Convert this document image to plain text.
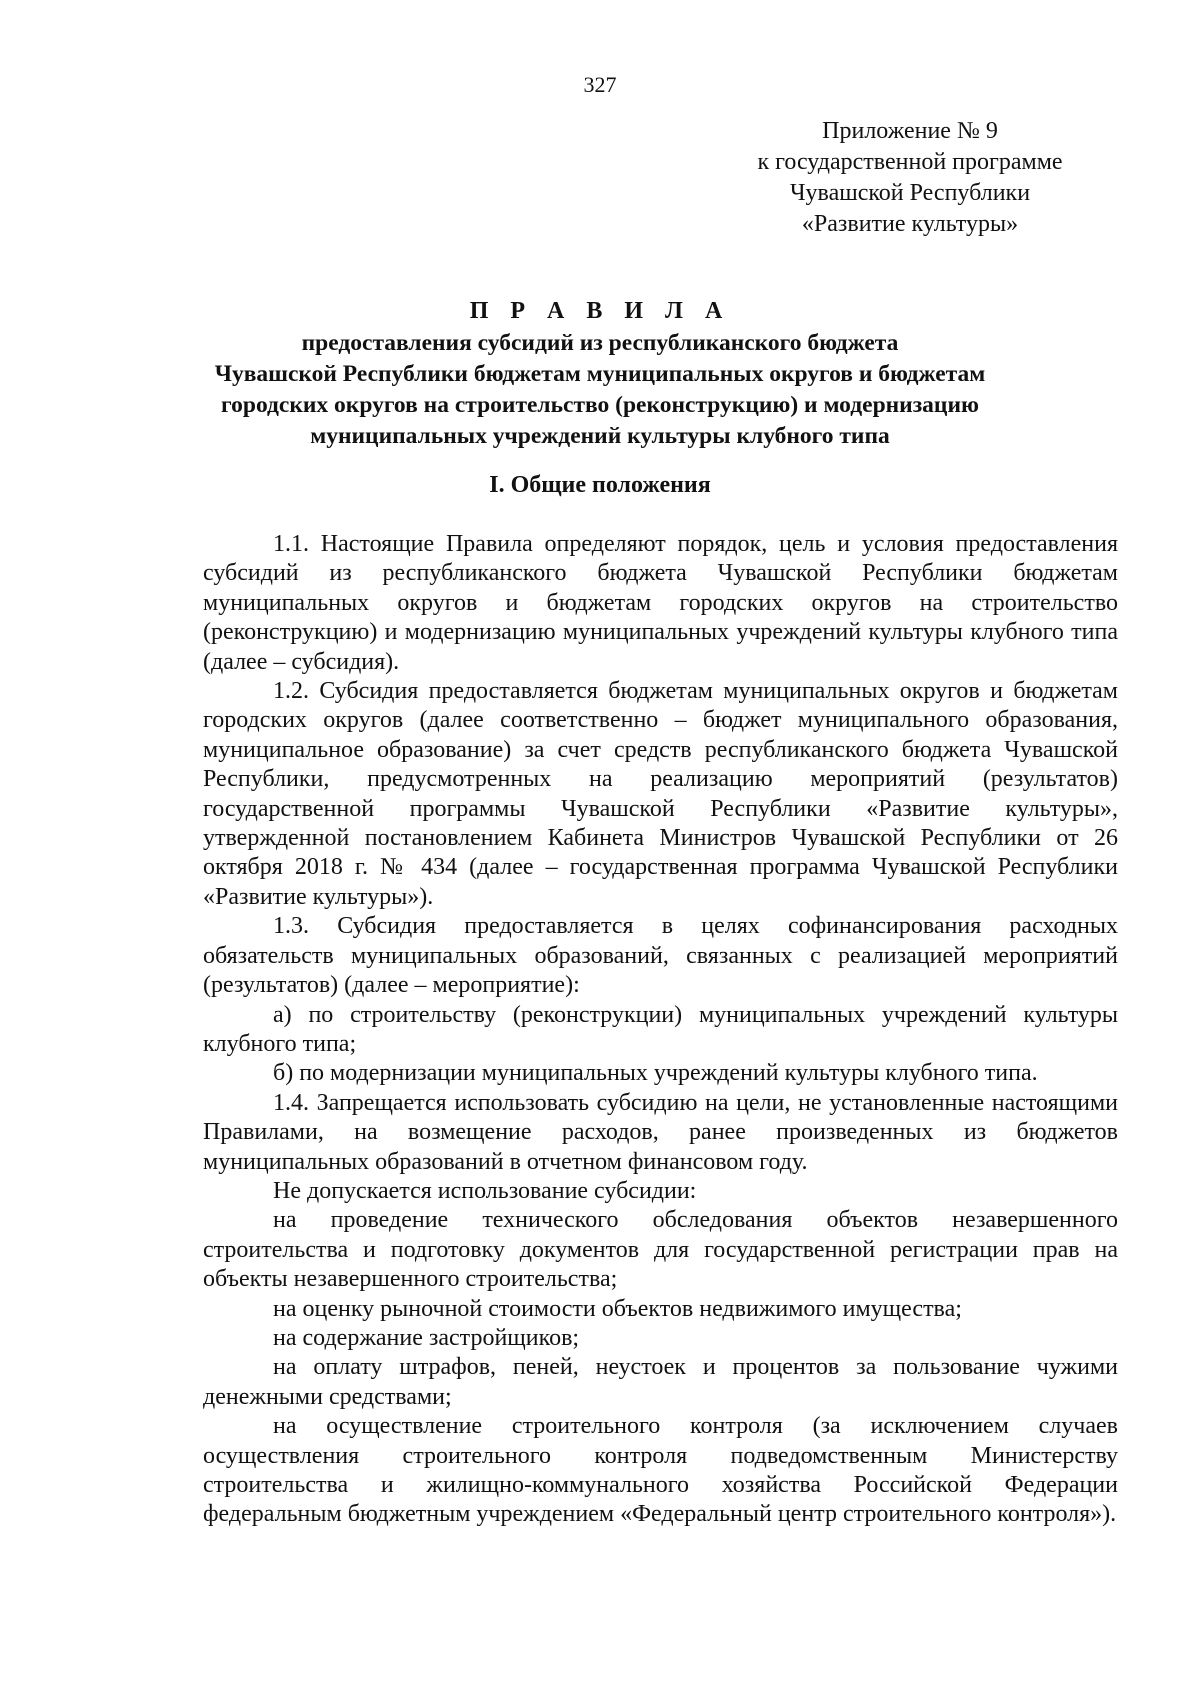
327
Приложение № 9
к государственной программе
Чувашской Республики
«Развитие культуры»
П Р А В И Л А
предоставления субсидий из республиканского бюджета
Чувашской Республики бюджетам муниципальных округов и бюджетам
городских округов на строительство (реконструкцию) и модернизацию
муниципальных учреждений культуры клубного типа
I. Общие положения

1.1. Настоящие Правила определяют порядок, цель и условия предоставления субсидий из республиканского бюджета Чувашской Республики бюджетам муниципальных округов и бюджетам городских округов на строительство (реконструкцию) и модернизацию муниципальных учреждений культуры клубного типа (далее – субсидия).

1.2. Субсидия предоставляется бюджетам муниципальных округов и бюджетам городских округов (далее соответственно – бюджет муниципального образования, муниципальное образование) за счет средств республиканского бюджета Чувашской Республики, предусмотренных на реализацию мероприятий (результатов) государственной программы Чувашской Республики «Развитие культуры», утвержденной постановлением Кабинета Министров Чувашской Республики от 26 октября 2018 г. № 434 (далее – государственная программа Чувашской Республики «Развитие культуры»).

1.3. Субсидия предоставляется в целях софинансирования расходных обязательств муниципальных образований, связанных с реализацией мероприятий (результатов) (далее – мероприятие):

а) по строительству (реконструкции) муниципальных учреждений культуры клубного типа;

б) по модернизации муниципальных учреждений культуры клубного типа.

1.4. Запрещается использовать субсидию на цели, не установленные настоящими Правилами, на возмещение расходов, ранее произведенных из бюджетов муниципальных образований в отчетном финансовом году.

Не допускается использование субсидии:

на проведение технического обследования объектов незавершенного строительства и подготовку документов для государственной регистрации прав на объекты незавершенного строительства;

на оценку рыночной стоимости объектов недвижимого имущества;

на содержание застройщиков;

на оплату штрафов, пеней, неустоек и процентов за пользование чужими денежными средствами;

на осуществление строительного контроля (за исключением случаев осуществления строительного контроля подведомственным Министерству строительства и жилищно-коммунального хозяйства Российской Федерации федеральным бюджетным учреждением «Федеральный центр строительного контроля»).
